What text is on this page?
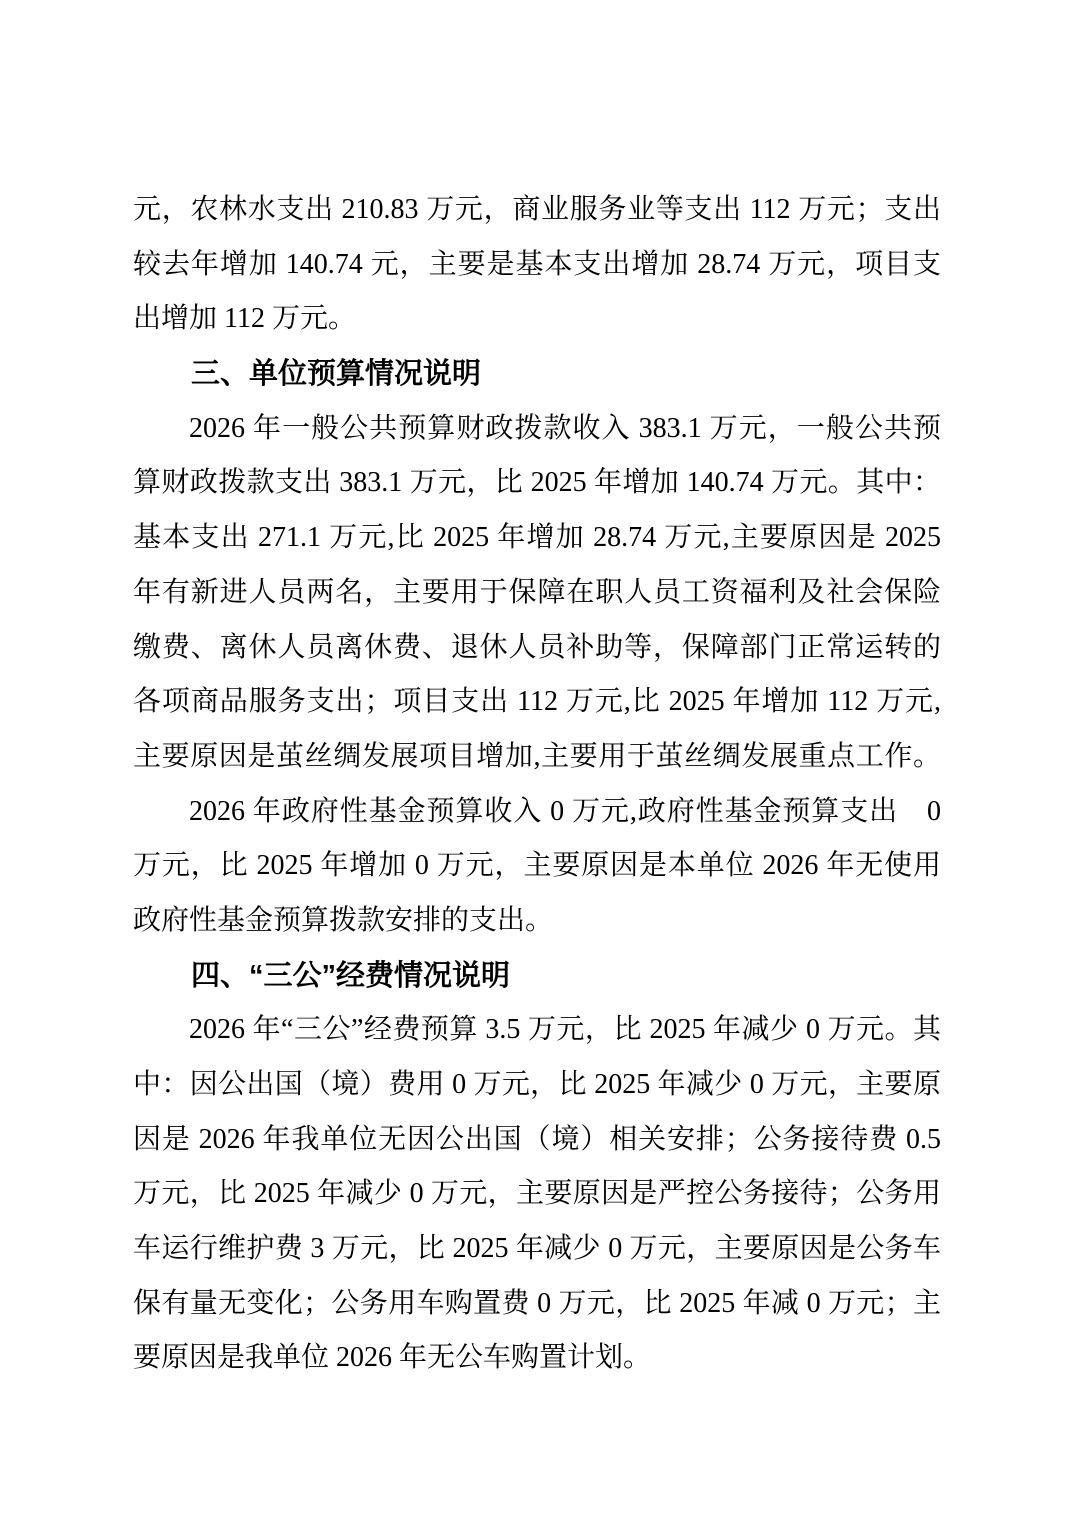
元，农林水支出 210.83 万元，商业服务业等支出 112 万元；支出
较去年增加 140.74 元，主要是基本支出增加 28.74 万元，项目支
出增加 112 万元。
三、单位预算情况说明
2026 年一般公共预算财政拨款收入 383.1 万元，一般公共预
算财政拨款支出 383.1 万元，比 2025 年增加 140.74 万元。其中：
基本支出 271.1 万元,比 2025 年增加 28.74 万元,主要原因是 2025
年有新进人员两名，主要用于保障在职人员工资福利及社会保险
缴费、离休人员离休费、退休人员补助等，保障部门正常运转的
各项商品服务支出；项目支出 112 万元,比 2025 年增加 112 万元,
主要原因是茧丝绸发展项目增加,主要用于茧丝绸发展重点工作。
2026 年政府性基金预算收入 0 万元,政府性基金预算支出　0
万元，比 2025 年增加 0 万元，主要原因是本单位 2026 年无使用
政府性基金预算拨款安排的支出。
四、“三公”经费情况说明
2026 年“三公”经费预算 3.5 万元，比 2025 年减少 0 万元。其
中：因公出国（境）费用 0 万元，比 2025 年减少 0 万元，主要原
因是 2026 年我单位无因公出国（境）相关安排；公务接待费 0.5
万元，比 2025 年减少 0 万元，主要原因是严控公务接待；公务用
车运行维护费 3 万元，比 2025 年减少 0 万元，主要原因是公务车
保有量无变化；公务用车购置费 0 万元，比 2025 年减 0 万元；主
要原因是我单位 2026 年无公车购置计划。
